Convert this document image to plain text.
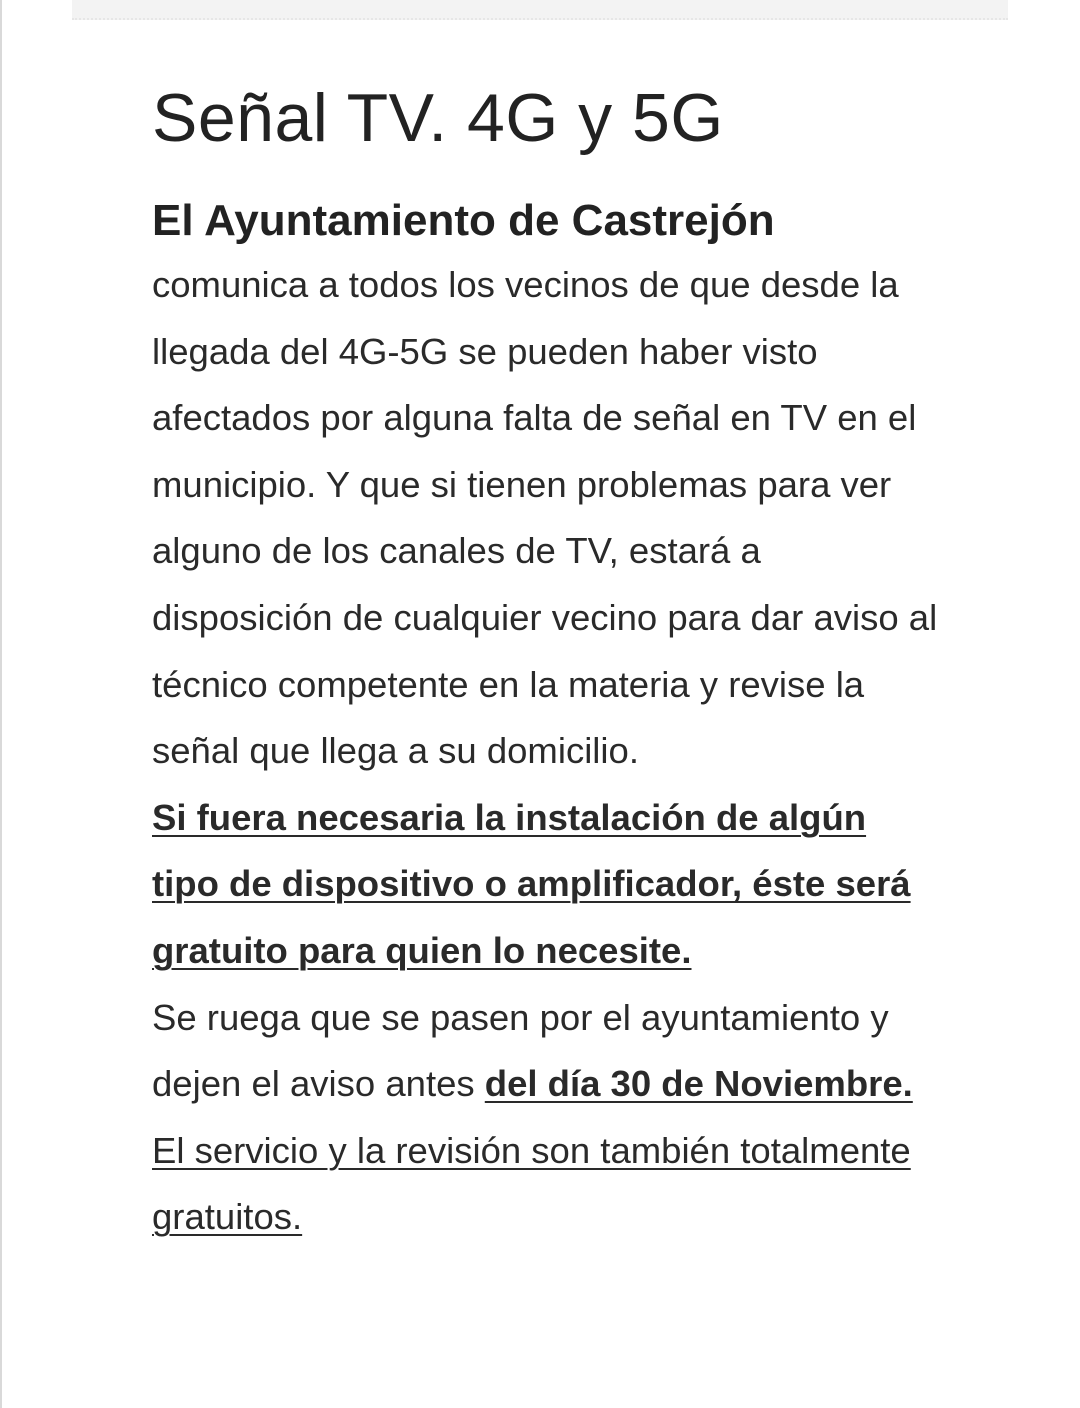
Señal TV. 4G y 5G
El Ayuntamiento de Castrejón

comunica a todos los vecinos de que desde la llegada del 4G-5G se pueden haber visto afectados por alguna falta de señal en TV en el municipio. Y que si tienen problemas para ver alguno de los canales de TV, estará a disposición de cualquier vecino para dar aviso al técnico competente en la materia y revise la señal que llega a su domicilio.

Si fuera necesaria la instalación de algún tipo de dispositivo o amplificador, éste será gratuito para quien lo necesite.

Se ruega que se pasen por el ayuntamiento y dejen el aviso antes del día 30 de Noviembre.

El servicio y la revisión son también totalmente gratuitos.
